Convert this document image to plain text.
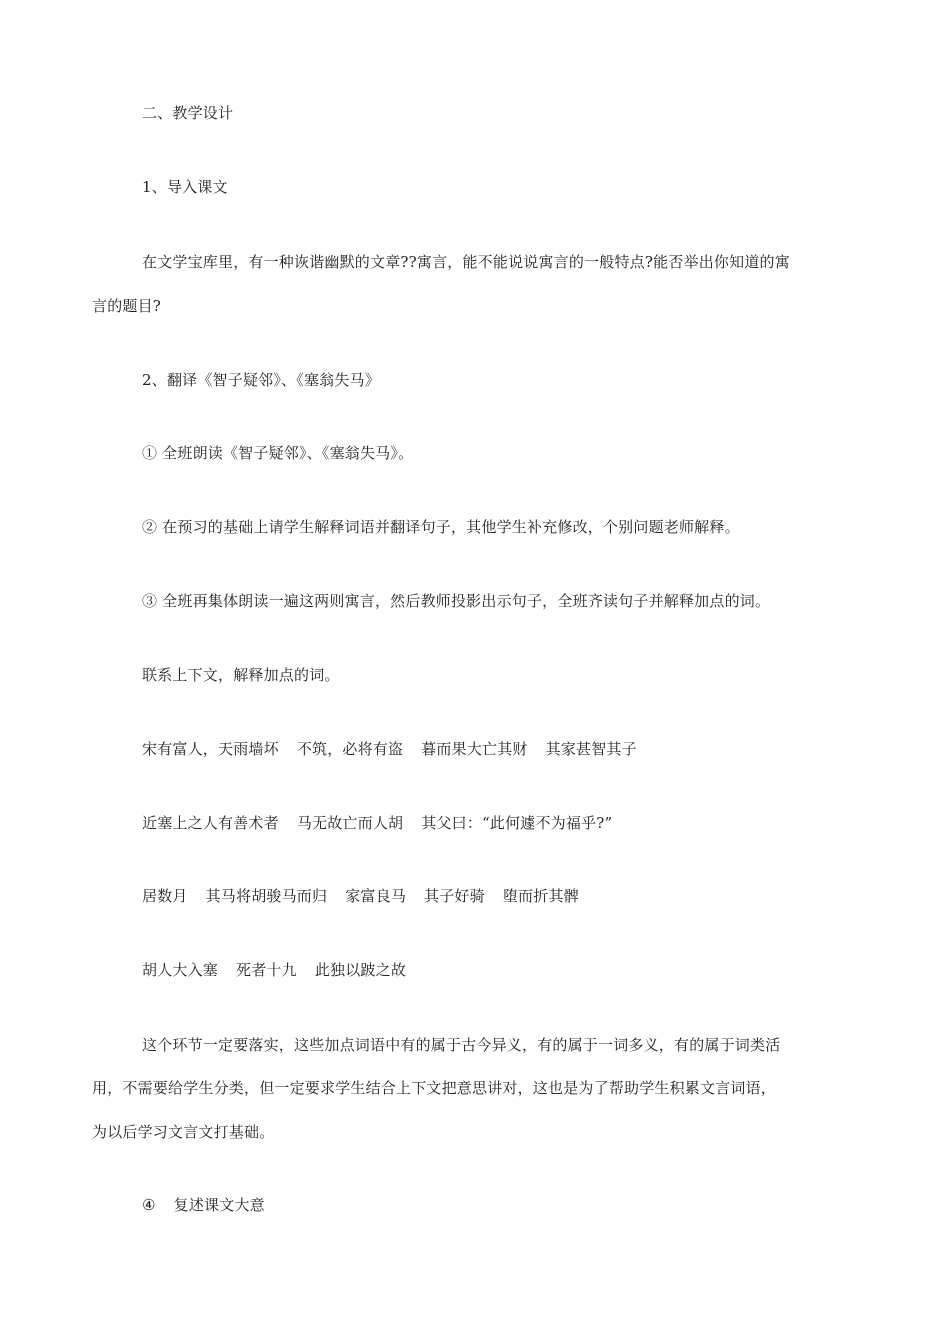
二、教学设计
1、导入课文
在文学宝库里，有一种诙谐幽默的文章??寓言，能不能说说寓言的一般特点?能否举出你知道的寓
言的题目?
2、翻译《智子疑邻》、《塞翁失马》
① 全班朗读《智子疑邻》、《塞翁失马》。
② 在预习的基础上请学生解释词语并翻译句子，其他学生补充修改，个别问题老师解释。
③ 全班再集体朗读一遍这两则寓言，然后教师投影出示句子，全班齐读句子并解释加点的词。
联系上下文，解释加点的词。
宋有富人，天雨墙坏 不筑，必将有盗 暮而果大亡其财 其家甚智其子
近塞上之人有善术者 马无故亡而人胡 其父曰：“此何遽不为福乎?”
居数月 其马将胡骏马而归 家富良马 其子好骑 堕而折其髀
胡人大入塞 死者十九 此独以跛之故
这个环节一定要落实，这些加点词语中有的属于古今异义，有的属于一词多义，有的属于词类活
用，不需要给学生分类，但一定要求学生结合上下文把意思讲对，这也是为了帮助学生积累文言词语，
为以后学习文言文打基础。
④ 复述课文大意
